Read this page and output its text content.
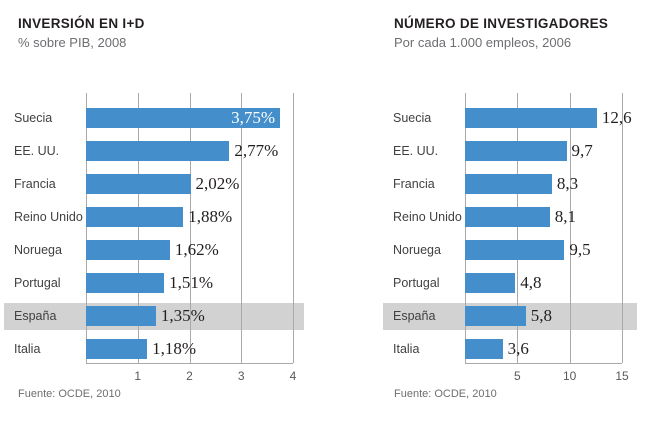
INVERSIÓN EN I+D
% sobre PIB, 2008
Suecia	3,75%
EE. UU.	2,77%
Francia	2,02%
Reino Unido	1,88%
Noruega	1,62%
Portugal	1,51%
España	1,35%
Italia	1,18%
1	2	3	4
Fuente: OCDE, 2010
NÚMERO DE INVESTIGADORES
Por cada 1.000 empleos, 2006
Suecia	12,6
EE. UU.	9,7
Francia	8,3
Reino Unido	8,1
Noruega	9,5
Portugal	4,8
España	5,8
Italia	3,6
5	10	15
Fuente: OCDE, 2010
